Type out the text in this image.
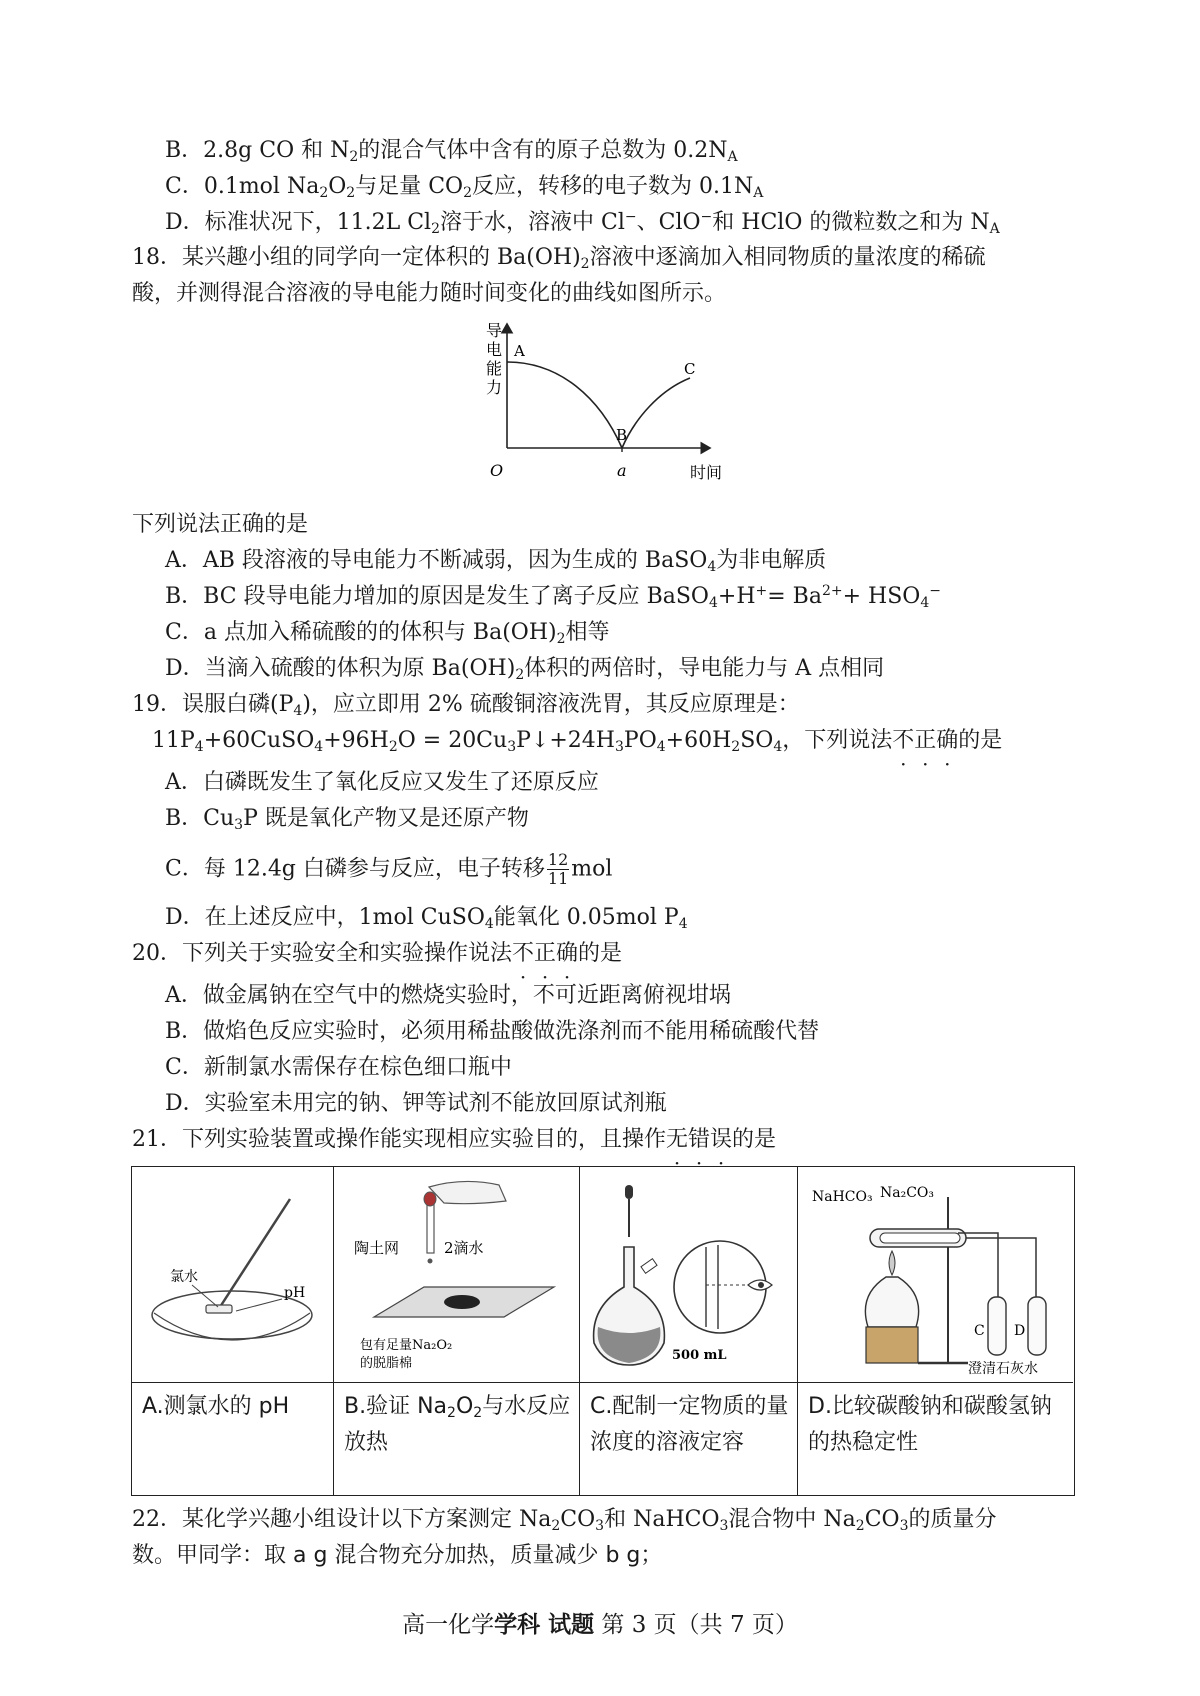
B．2.8g CO 和 $N_2$的混合气体中含有的原子总数为 $0.2N_A$
C．0.1mol $Na_2O_2$与足量 $CO_2$反应，转移的电子数为 $0.1N_A$
D．标准状况下，11.2L $Cl_2$溶于水，溶液中 Cl−、ClO−和 HClO 的微粒数之和为 $N_A$
18．某兴趣小组的同学向一定体积的 $Ba(OH)_2$溶液中逐滴加入相同物质的量浓度的稀硫
酸，并测得混合溶液的导电能力随时间变化的曲线如图所示。
导
电
能
力
A
B
C
O	a	时间
下列说法正确的是
A．AB 段溶液的导电能力不断减弱，因为生成的 BaSO$_4$为非电解质
B．BC 段导电能力增加的原因是发生了离子反应 BaSO$_4$+H+= $Ba^{2+}+ HSO_4^-$
C．a 点加入稀硫酸的的体积与 $Ba(OH)_2$相等
D．当滴入硫酸的体积为原 $Ba(OH)_2$体积的两倍时，导电能力与 A 点相同
19．误服白磷$(P_4)$，应立即用 2% 硫酸铜溶液洗胃，其反应原理是：
$11P_4+60CuSO_4+96H_2O$ = $20Cu_3P↓+24H_3PO_4+60H_2SO_4$，下列说法不正确的是
A．白磷既发生了氧化反应又发生了还原反应
B．$Cu_3P$ 既是氧化产物又是还原产物
C．每 12.4g 白磷参与反应，电子转移 $\frac{12}{11}$ mol
D．在上述反应中，1mol CuSO$_4$能氧化 0.05mol $P_4$
20．下列关于实验安全和实验操作说法不正确的是
A．做金属钠在空气中的燃烧实验时，不可近距离俯视坩埚
B．做焰色反应实验时，必须用稀盐酸做洗涤剂而不能用稀硫酸代替
C．新制氯水需保存在棕色细口瓶中
D．实验室未用完的钠、钾等试剂不能放回原试剂瓶
21．下列实验装置或操作能实现相应实验目的，且操作无错误的是
氯水
pH
A.测氯水的 pH
陶土网	2滴水
包有足量Na₂O₂
的脱脂棉
B.验证 $Na_2O_2$与水反应放热
500 mL
C.配制一定物质的量浓度的溶液定容
NaHCO₃ Na₂CO₃
C D
澄清石灰水
D.比较碳酸钠和碳酸氢钠的热稳定性
22．某化学兴趣小组设计以下方案测定 $Na_2CO_3$和 NaHCO$_3$混合物中 $Na_2CO_3$的质量分
数。甲同学：取 a g 混合物充分加热，质量减少 b g；
高一化学学科 试题 第 3 页（共 7 页）
